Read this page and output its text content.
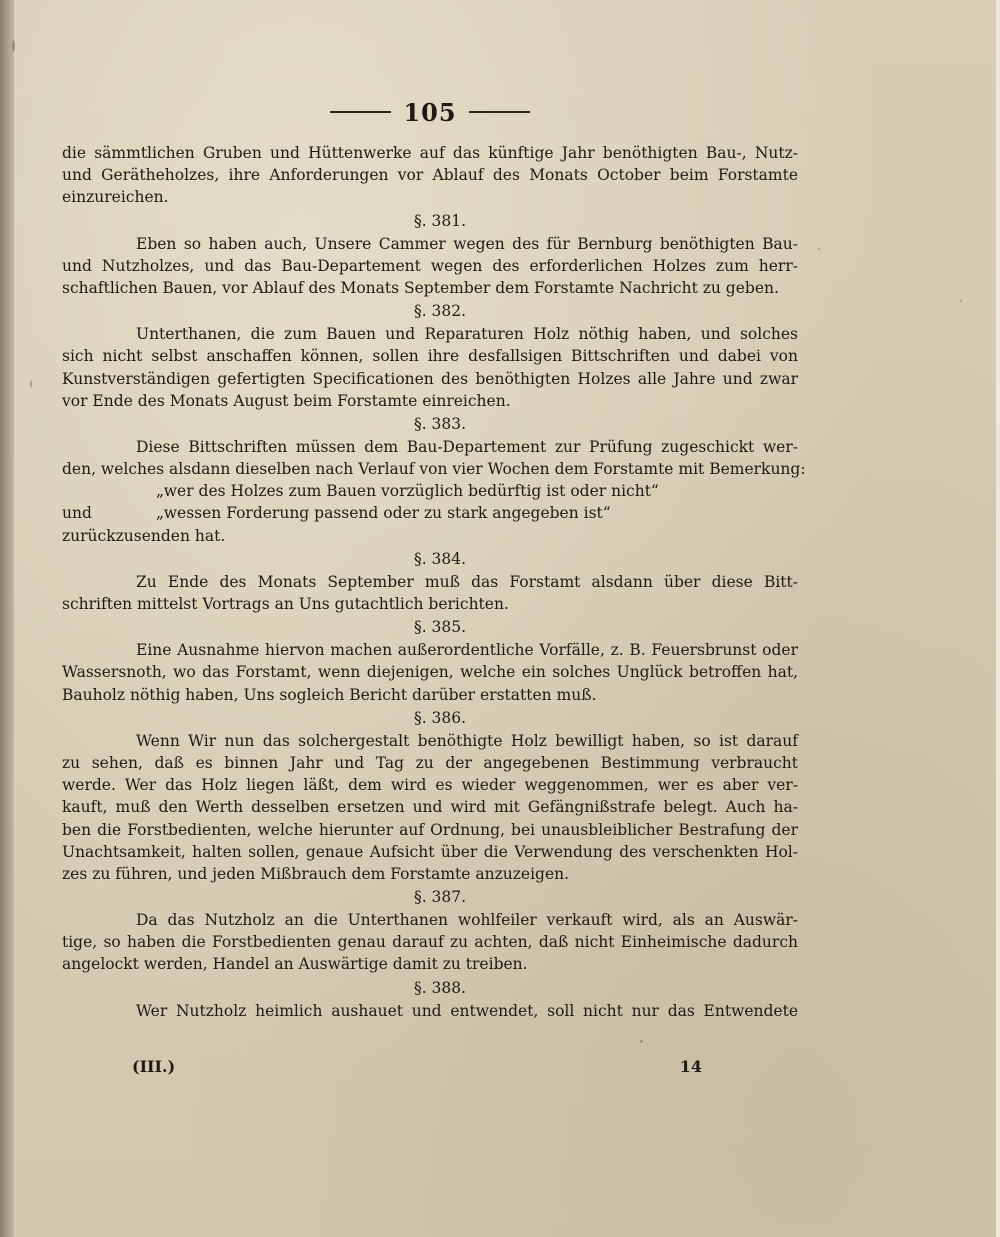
105
die sämmtlichen Gruben und Hüttenwerke auf das künftige Jahr benöthigten Bau-, Nutz-
und Gerätheholzes, ihre Anforderungen vor Ablauf des Monats October beim Forstamte
einzureichen.
§. 381.
Eben so haben auch, Unsere Cammer wegen des für Bernburg benöthigten Bau-
und Nutzholzes, und das Bau-Departement wegen des erforderlichen Holzes zum herr-
schaftlichen Bauen, vor Ablauf des Monats September dem Forstamte Nachricht zu geben.
§. 382.
Unterthanen, die zum Bauen und Reparaturen Holz nöthig haben, und solches
sich nicht selbst anschaffen können, sollen ihre desfallsigen Bittschriften und dabei von
Kunstverständigen gefertigten Specificationen des benöthigten Holzes alle Jahre und zwar
vor Ende des Monats August beim Forstamte einreichen.
§. 383.
Diese Bittschriften müssen dem Bau-Departement zur Prüfung zugeschickt wer-
den, welches alsdann dieselben nach Verlauf von vier Wochen dem Forstamte mit Bemerkung:
„wer des Holzes zum Bauen vorzüglich bedürftig ist oder nicht“
und	„wessen Forderung passend oder zu stark angegeben ist“
zurückzusenden hat.
§. 384.
Zu Ende des Monats September muß das Forstamt alsdann über diese Bitt-
schriften mittelst Vortrags an Uns gutachtlich berichten.
§. 385.
Eine Ausnahme hiervon machen außerordentliche Vorfälle, z. B. Feuersbrunst oder
Wassersnoth, wo das Forstamt, wenn diejenigen, welche ein solches Unglück betroffen hat,
Bauholz nöthig haben, Uns sogleich Bericht darüber erstatten muß.
§. 386.
Wenn Wir nun das solchergestalt benöthigte Holz bewilligt haben, so ist darauf
zu sehen, daß es binnen Jahr und Tag zu der angegebenen Bestimmung verbraucht
werde. Wer das Holz liegen läßt, dem wird es wieder weggenommen, wer es aber ver-
kauft, muß den Werth desselben ersetzen und wird mit Gefängnißstrafe belegt. Auch ha-
ben die Forstbedienten, welche hierunter auf Ordnung, bei unausbleiblicher Bestrafung der
Unachtsamkeit, halten sollen, genaue Aufsicht über die Verwendung des verschenkten Hol-
zes zu führen, und jeden Mißbrauch dem Forstamte anzuzeigen.
§. 387.
Da das Nutzholz an die Unterthanen wohlfeiler verkauft wird, als an Auswär-
tige, so haben die Forstbedienten genau darauf zu achten, daß nicht Einheimische dadurch
angelockt werden, Handel an Auswärtige damit zu treiben.
§. 388.
Wer Nutzholz heimlich aushauet und entwendet, soll nicht nur das Entwendete
(III.)	14
